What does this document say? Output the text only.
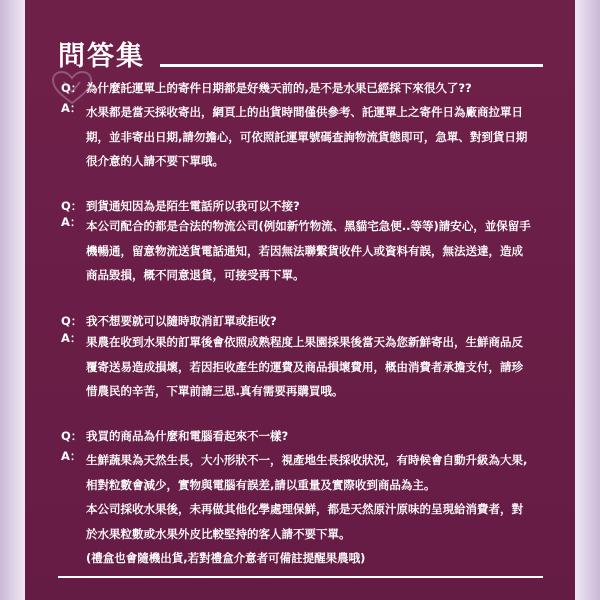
問答集
Q： 為什麼託運單上的寄件日期都是好幾天前的,是不是水果已經採下來很久了??
A： 水果都是當天採收寄出，網頁上的出貨時間僅供參考、託運單上之寄件日為廠商拉單日
期，並非寄出日期,請勿擔心，可依照託運單號碼查詢物流貨態即可，急單、對到貨日期
很介意的人請不要下單哦。
Q： 到貨通知因為是陌生電話所以我可以不接?
A： 本公司配合的都是合法的物流公司(例如新竹物流、黑貓宅急便..等等)請安心，並保留手
機暢通，留意物流送貨電話通知，若因無法聯繫貨收件人或資料有誤，無法送達，造成
商品毀損，概不同意退貨，可接受再下單。
Q： 我不想要就可以隨時取消訂單或拒收?
A： 果農在收到水果的訂單後會依照成熟程度上果園採果後當天為您新鮮寄出，生鮮商品反
覆寄送易造成損壞，若因拒收產生的運費及商品損壞費用，概由消費者承擔支付，請珍
惜農民的辛苦，下單前請三思.真有需要再購買哦。
Q： 我買的商品為什麼和電腦看起來不一樣?
A： 生鮮蔬果為天然生長，大小形狀不一，視產地生長採收狀況，有時候會自動升級為大果,
相對粒數會減少，實物與電腦有誤差,請以重量及實際收到商品為主。
本公司採收水果後，未再做其他化學處理保鮮，都是天然原汁原味的呈現給消費者，對
於水果粒數或水果外皮比較堅持的客人請不要下單。
(禮盒也會隨機出貨,若對禮盒介意者可備註提醒果農哦)
